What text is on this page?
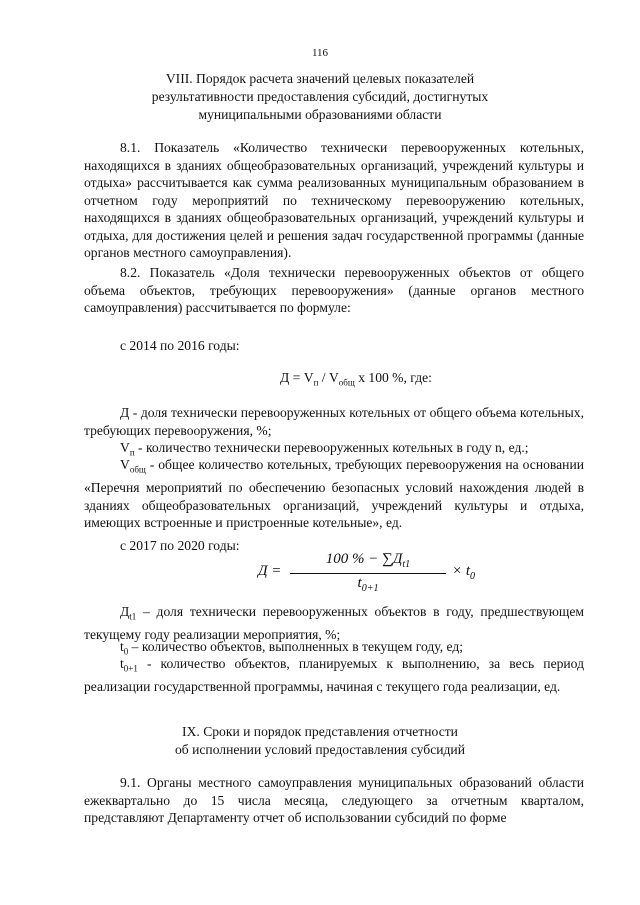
116
VIII. Порядок расчета значений целевых показателей
результативности предоставления субсидий, достигнутых
муниципальными образованиями области
8.1. Показатель «Количество технически перевооруженных котельных, находящихся в зданиях общеобразовательных организаций, учреждений культуры и отдыха» рассчитывается как сумма реализованных муниципальным образованием в отчетном году мероприятий по техническому перевооружению котельных, находящихся в зданиях общеобразовательных организаций, учреждений культуры и отдыха, для достижения целей и решения задач государственной программы (данные органов местного самоуправления).
8.2. Показатель «Доля технически перевооруженных объектов от общего объема объектов, требующих перевооружения» (данные органов местного самоуправления) рассчитывается по формуле:
с 2014 по 2016 годы:
$Д = V_п / V_{общ}$ x 100 %, где:
Д - доля технически перевооруженных котельных от общего объема котельных, требующих перевооружения, %;
$V_п$ - количество технически перевооруженных котельных в году n, ед.;
$V_{общ}$ - общее количество котельных, требующих перевооружения на основании «Перечня мероприятий по обеспечению безопасных условий нахождения людей в зданиях общеобразовательных организаций, учреждений культуры и отдыха, имеющих встроенные и пристроенные котельные», ед.
с 2017 по 2020 годы:
Д =
100 % − $\sum Д_{t1}$
$t_{0+1}$
× $t_0$
$Д_{t1}$ – доля технически перевооруженных объектов в году, предшествующем текущему году реализации мероприятия, %;
$t_0$ – количество объектов, выполненных в текущем году, ед;
$t_{0+1}$ - количество объектов, планируемых к выполнению, за весь период реализации государственной программы, начиная с текущего года реализации, ед.
IX. Сроки и порядок представления отчетности
об исполнении условий предоставления субсидий
9.1. Органы местного самоуправления муниципальных образований области ежеквартально до 15 числа месяца, следующего за отчетным кварталом, представляют Департаменту отчет об использовании субсидий по форме
